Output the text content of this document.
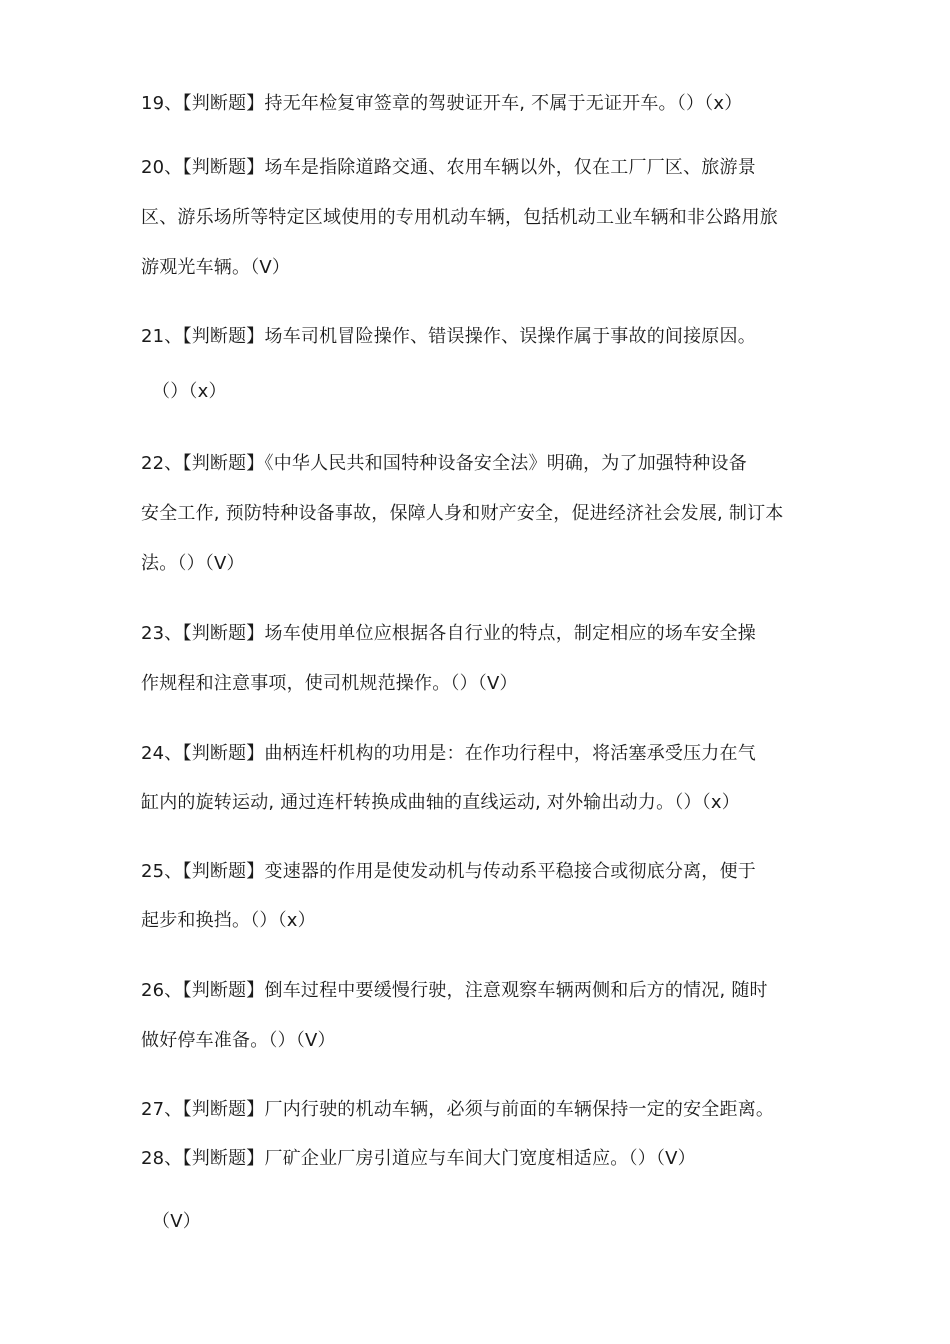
19、【判断题】持无年检复审签章的驾驶证开车, 不属于无证开车。（）（x）
20、【判断题】场车是指除道路交通、农用车辆以外，仅在工厂厂区、旅游景
区、游乐场所等特定区域使用的专用机动车辆，包括机动工业车辆和非公路用旅
游观光车辆。（V）
21、【判断题】场车司机冒险操作、错误操作、误操作属于事故的间接原因。
（）（x）
22、【判断题】《中华人民共和国特种设备安全法》明确，为了加强特种设备
安全工作, 预防特种设备事故，保障人身和财产安全，促进经济社会发展, 制订本
法。（）（V）
23、【判断题】场车使用单位应根据各自行业的特点，制定相应的场车安全操
作规程和注意事项，使司机规范操作。（）（V）
24、【判断题】曲柄连杆机构的功用是：在作功行程中，将活塞承受压力在气
缸内的旋转运动, 通过连杆转换成曲轴的直线运动, 对外输出动力。（）（x）
25、【判断题】变速器的作用是使发动机与传动系平稳接合或彻底分离，便于
起步和换挡。（）（x）
26、【判断题】倒车过程中要缓慢行驶，注意观察车辆两侧和后方的情况, 随时
做好停车准备。（）（V）
27、【判断题】厂内行驶的机动车辆，必须与前面的车辆保持一定的安全距离。
28、【判断题】厂矿企业厂房引道应与车间大门宽度相适应。（）（V）
（V）
